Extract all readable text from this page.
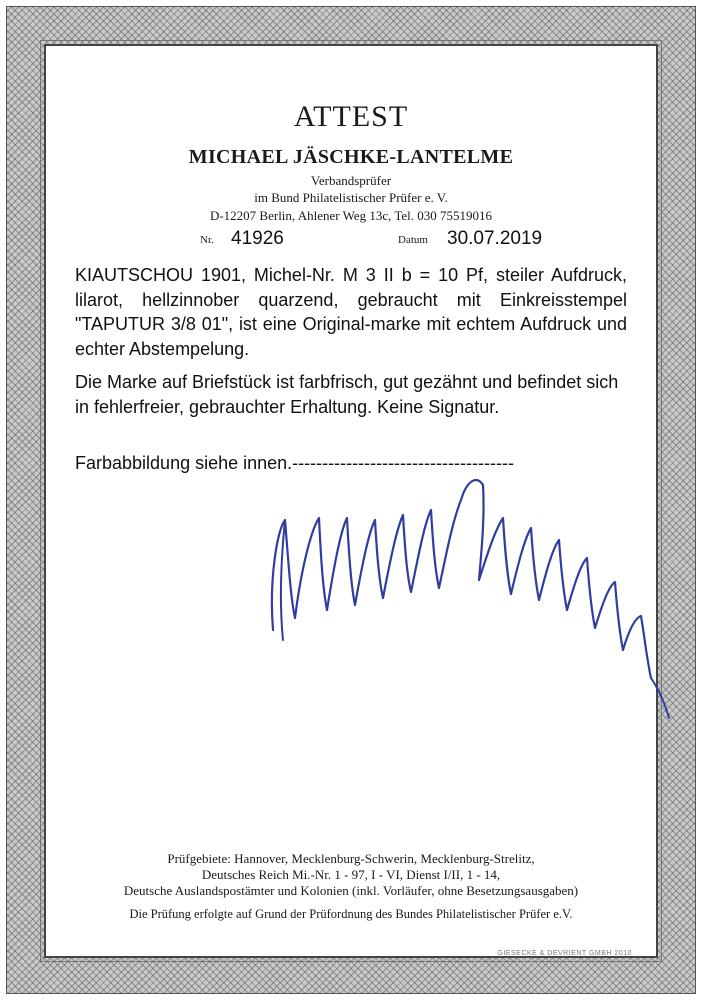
ATTEST
MICHAEL JÄSCHKE-LANTELME
Verbandsprüfer
im Bund Philatelistischer Prüfer e. V.
D-12207 Berlin, Ahlener Weg 13c, Tel. 030 75519016
Nr. 41926	Datum 30.07.2019
KIAUTSCHOU 1901, Michel-Nr. M 3 II b = 10 Pf, steiler Aufdruck, lilarot, hellzinnober quarzend, gebraucht mit Einkreisstempel "TAPUTUR 3/8 01", ist eine Original-marke mit echtem Aufdruck und echter Abstempelung.
Die Marke auf Briefstück ist farbfrisch, gut gezähnt und befindet sich in fehlerfreier, gebrauchter Erhaltung. Keine Signatur.
Farbabbildung siehe innen.-------------------------------------
Prüfgebiete: Hannover, Mecklenburg-Schwerin, Mecklenburg-Strelitz,
Deutsches Reich Mi.-Nr. 1 - 97, I - VI, Dienst I/II, 1 - 14,
Deutsche Auslandspostämter und Kolonien (inkl. Vorläufer, ohne Besetzungsausgaben)
Die Prüfung erfolgte auf Grund der Prüfordnung des Bundes Philatelistischer Prüfer e.V.
GIESECKE & DEVRIENT GMBH 2010
